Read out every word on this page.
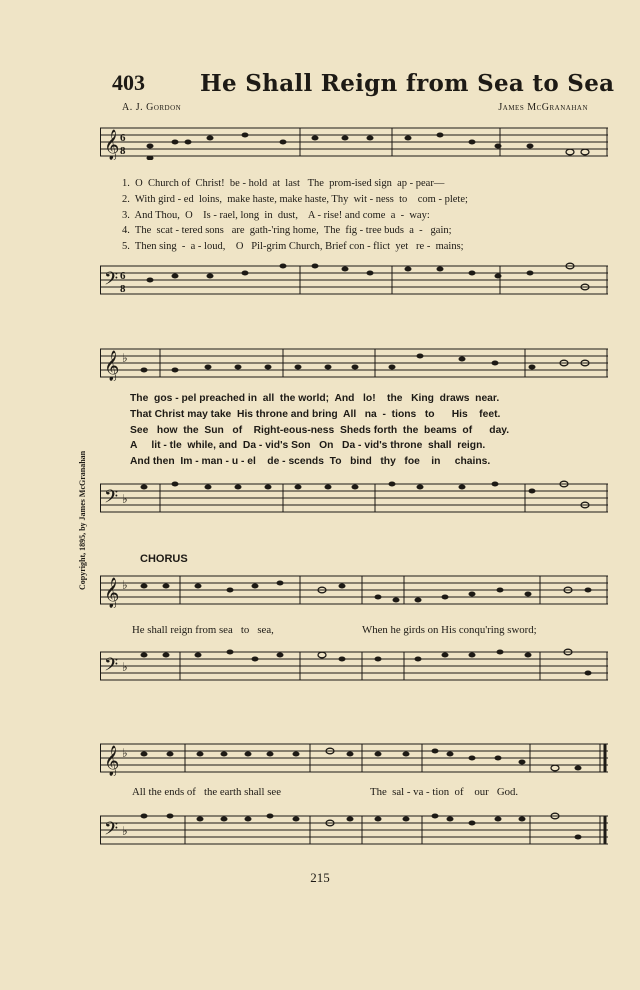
403 He Shall Reign from Sea to Sea
A. J. Gordon	James McGranahan
Copyright, 1895, by James McGranahan
𝄞 6
8
1.  O  Church of  Christ!  be - hold  at  last   The  prom-ised sign  ap - pear—
2.  With gird - ed  loins,  make haste, make haste, Thy  wit - ness  to    com - plete;
3.  And Thou,  O    Is - rael, long  in  dust,    A - rise! and come  a  -  way:
4.  The  scat - tered sons   are  gath-'ring home,  The  fig - tree buds  a  -   gain;
5.  Then sing  -  a - loud,    O   Pil-grim Church, Brief con - flict  yet   re -  mains;
𝄢 6
8
𝄞 ♭
The  gos - pel preached in  all  the world;  And   lo!    the   King  draws  near.
That Christ may take  His throne and bring  All   na  -  tions   to      His    feet.
See   how  the  Sun   of    Right-eous-ness  Sheds forth  the  beams  of      day.
A     lit - tle  while, and  Da - vid's Son   On   Da - vid's throne  shall  reign.
And then  Im - man - u - el    de - scends  To   bind   thy   foe    in     chains.
𝄢 ♭
CHORUS
𝄞 ♭
He shall reign from sea   to   sea,	When he girds on His conqu'ring sword;
𝄢 ♭
𝄞 ♭
All the ends of   the earth shall see	The  sal - va - tion  of    our   God.
𝄢 ♭
215
